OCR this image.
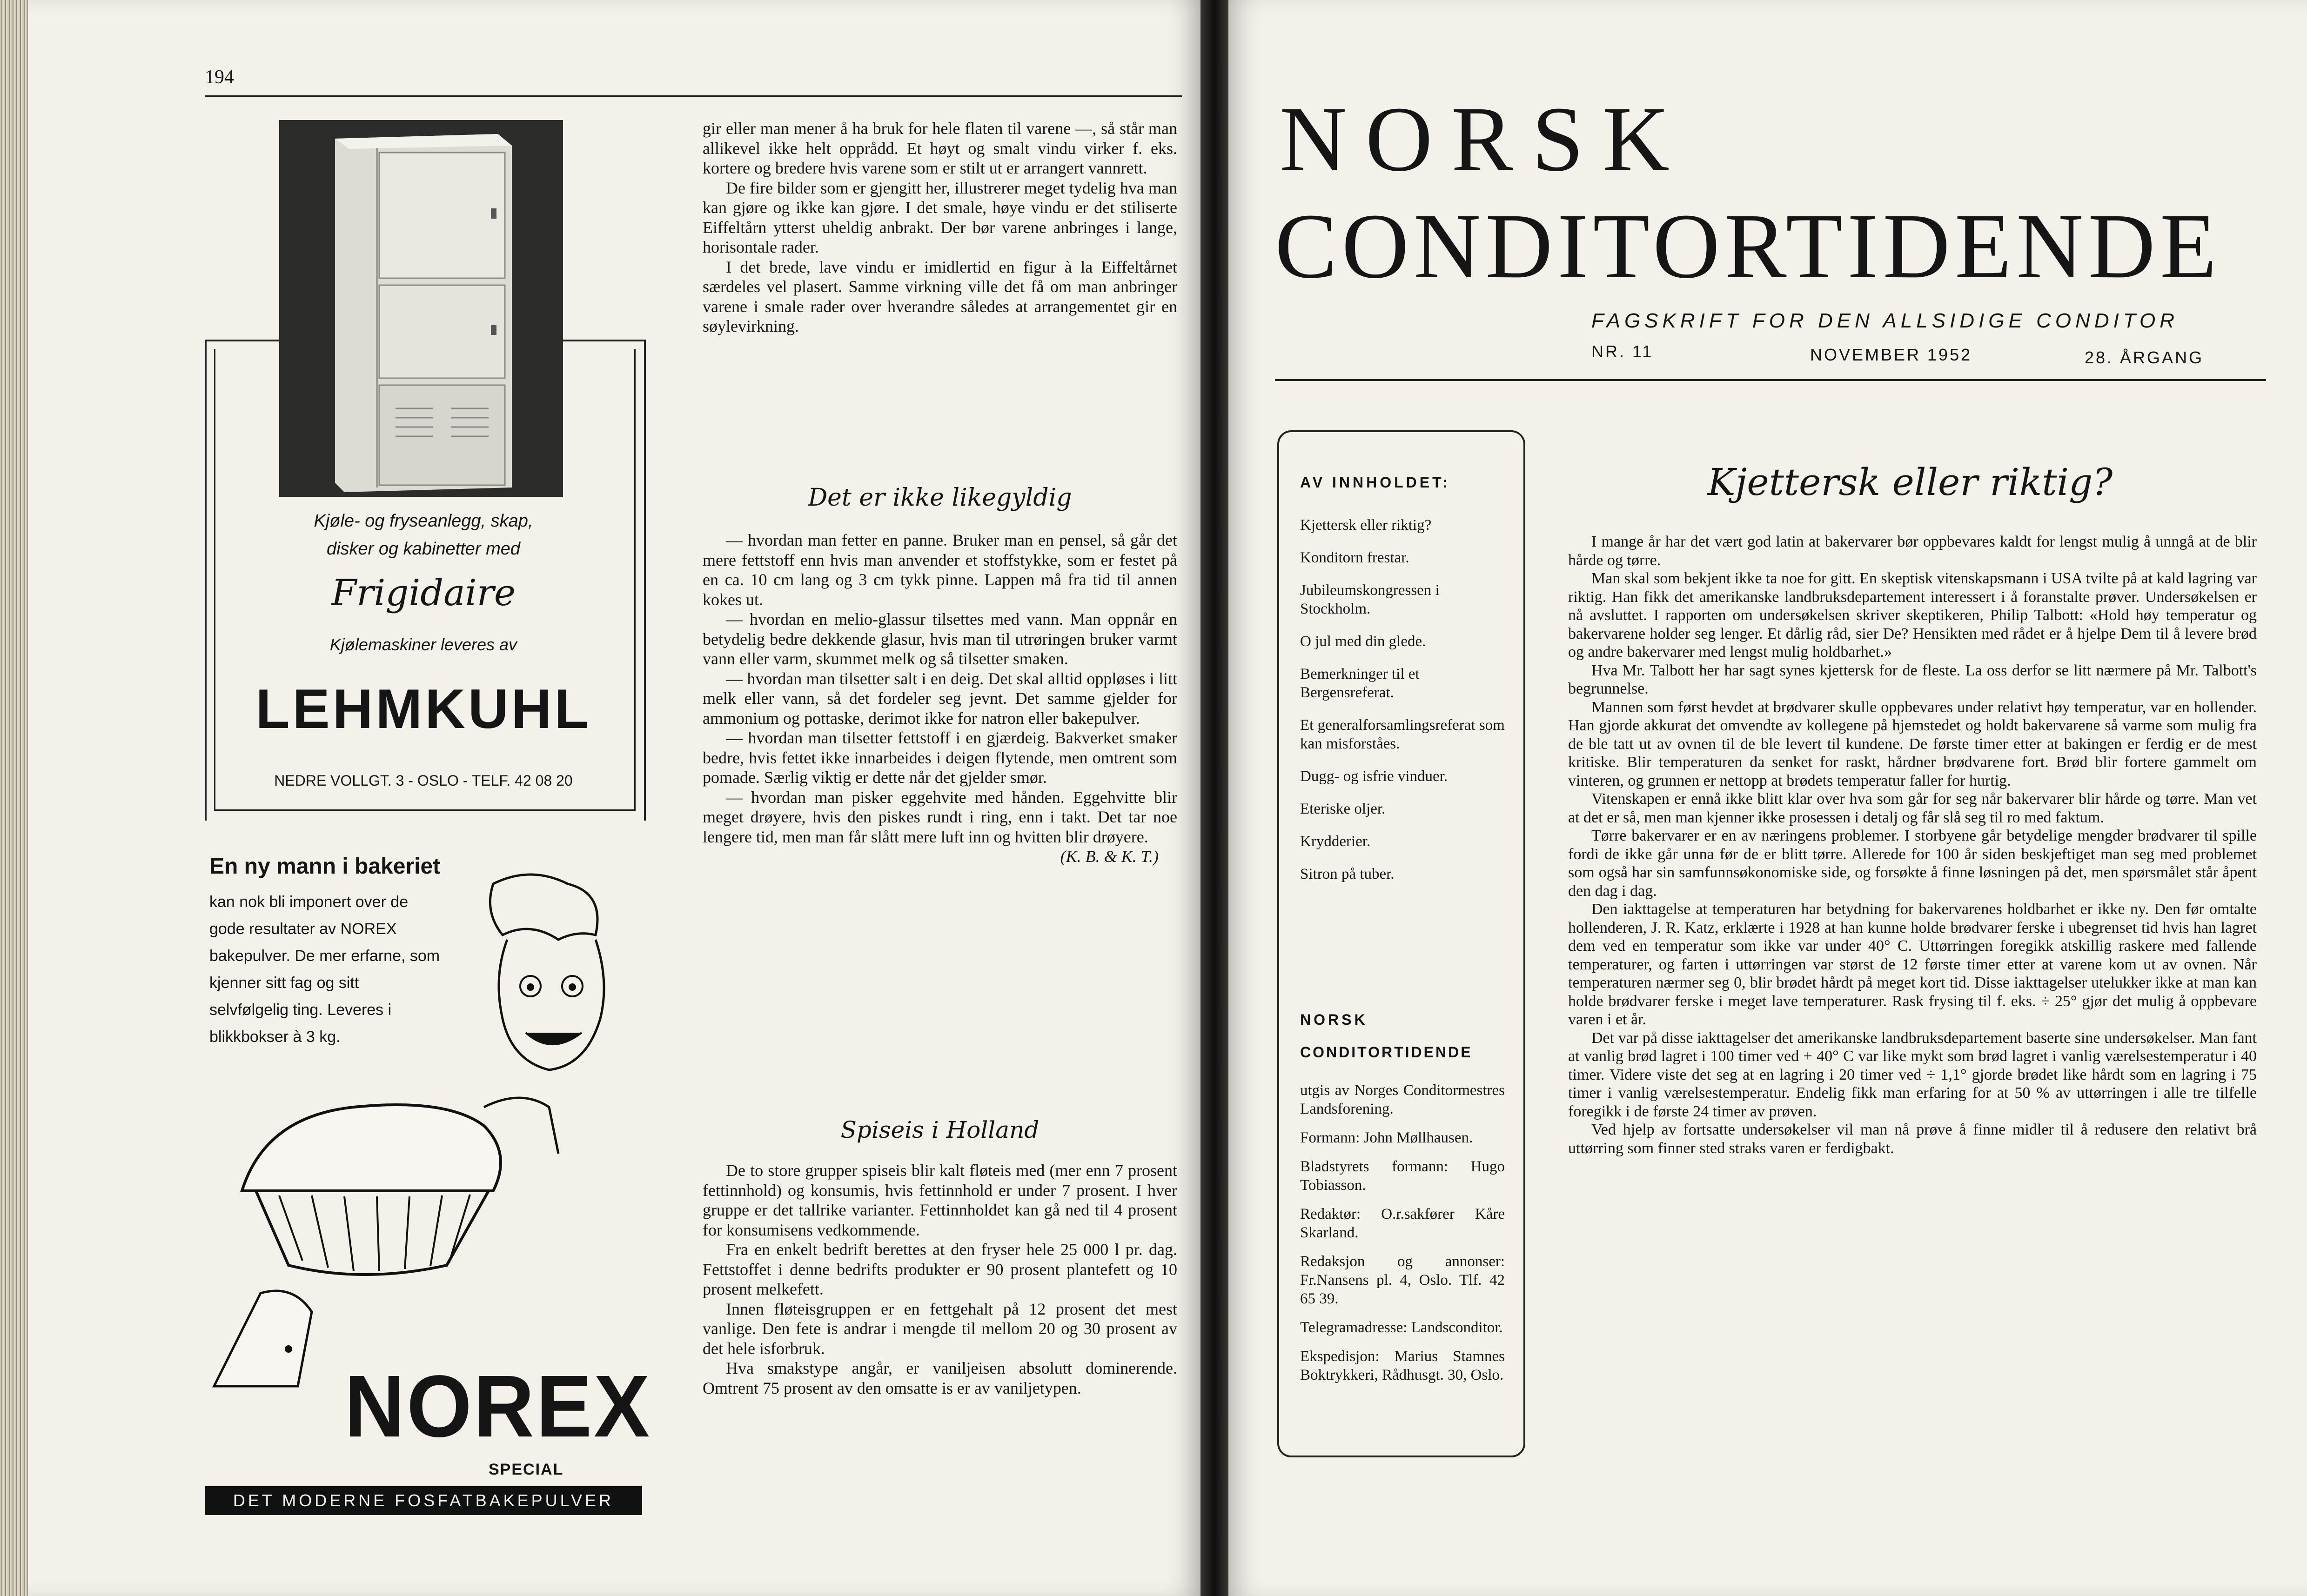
194
Kjøle- og fryseanlegg, skap,
disker og kabinetter med
Frigidaire
Kjølemaskiner leveres av
LEHMKUHL
NEDRE VOLLGT. 3 - OSLO - TELF. 42 08 20
En ny mann i bakeriet
kan nok bli imponert over de gode resultater av NOREX bakepulver. De mer erfarne, som kjenner sitt fag og sitt selvfølgelig ting. Leveres i blikkbokser à 3 kg.
NOREX
SPECIAL
DET MODERNE FOSFATBAKEPULVER

gir eller man mener å ha bruk for hele flaten til varene —, så står man allikevel ikke helt opprådd. Et høyt og smalt vindu virker f. eks. kortere og bredere hvis varene som er stilt ut er arrangert vannrett.

De fire bilder som er gjengitt her, illustrerer meget tydelig hva man kan gjøre og ikke kan gjøre. I det smale, høye vindu er det stiliserte Eiffeltårn ytterst uheldig anbrakt. Der bør varene anbringes i lange, horisontale rader.

I det brede, lave vindu er imidlertid en figur à la Eiffeltårnet særdeles vel plasert. Samme virkning ville det få om man anbringer varene i smale rader over hverandre således at arrangementet gir en søylevirkning.

Det er ikke likegyldig

— hvordan man fetter en panne. Bruker man en pensel, så går det mere fettstoff enn hvis man anvender et stoffstykke, som er festet på en ca. 10 cm lang og 3 cm tykk pinne. Lappen må fra tid til annen kokes ut.

— hvordan en melio-glassur tilsettes med vann. Man oppnår en betydelig bedre dekkende glasur, hvis man til utrøringen bruker varmt vann eller varm, skummet melk og så tilsetter smaken.

— hvordan man tilsetter salt i en deig. Det skal alltid oppløses i litt melk eller vann, så det fordeler seg jevnt. Det samme gjelder for ammonium og pottaske, derimot ikke for natron eller bakepulver.

— hvordan man tilsetter fettstoff i en gjærdeig. Bakverket smaker bedre, hvis fettet ikke innarbeides i deigen flytende, men omtrent som pomade. Særlig viktig er dette når det gjelder smør.

— hvordan man pisker eggehvite med hånden. Eggehvitte blir meget drøyere, hvis den piskes rundt i ring, enn i takt. Det tar noe lengere tid, men man får slått mere luft inn og hvitten blir drøyere.

(K. B. & K. T.)
Spiseis i Holland

De to store grupper spiseis blir kalt fløteis med (mer enn 7 prosent fettinnhold) og konsumis, hvis fettinnhold er under 7 prosent. I hver gruppe er det tallrike varianter. Fettinnholdet kan gå ned til 4 prosent for konsumisens vedkommende.

Fra en enkelt bedrift berettes at den fryser hele 25 000 l pr. dag. Fettstoffet i denne bedrifts produkter er 90 prosent plantefett og 10 prosent melkefett.

Innen fløteisgruppen er en fettgehalt på 12 prosent det mest vanlige. Den fete is andrar i mengde til mellom 20 og 30 prosent av det hele isforbruk.

Hva smakstype angår, er vaniljeisen absolutt dominerende. Omtrent 75 prosent av den omsatte is er av vaniljetypen.

NORSK
CONDITORTIDENDE
FAGSKRIFT FOR DEN ALLSIDIGE CONDITOR
NR. 11	NOVEMBER 1952	28. ÅRGANG
AV INNHOLDET:
Kjettersk eller riktig?
Konditorn frestar.
Jubileumskongressen i Stockholm.
O jul med din glede.
Bemerkninger til et Bergensreferat.
Et generalforsamlingsreferat som kan misforståes.
Dugg- og isfrie vinduer.
Eteriske oljer.
Krydderier.
Sitron på tuber.
NORSK
CONDITORTIDENDE
utgis av Norges Conditormestres Landsforening.
Formann: John Møllhausen.
Bladstyrets formann: Hugo Tobiasson.
Redaktør: O.r.sakfører Kåre Skarland.
Redaksjon og annonser: Fr.Nansens pl. 4, Oslo. Tlf. 42 65 39.
Telegramadresse: Landsconditor.
Ekspedisjon: Marius Stamnes Boktrykkeri, Rådhusgt. 30, Oslo.
Kjettersk eller riktig?

I mange år har det vært god latin at bakervarer bør oppbevares kaldt for lengst mulig å unngå at de blir hårde og tørre.

Man skal som bekjent ikke ta noe for gitt. En skeptisk vitenskapsmann i USA tvilte på at kald lagring var riktig. Han fikk det amerikanske landbruksdepartement interessert i å foranstalte prøver. Undersøkelsen er nå avsluttet. I rapporten om undersøkelsen skriver skeptikeren, Philip Talbott: «Hold høy temperatur og bakervarene holder seg lenger. Et dårlig råd, sier De? Hensikten med rådet er å hjelpe Dem til å levere brød og andre bakervarer med lengst mulig holdbarhet.»

Hva Mr. Talbott her har sagt synes kjettersk for de fleste. La oss derfor se litt nærmere på Mr. Talbott's begrunnelse.

Mannen som først hevdet at brødvarer skulle oppbevares under relativt høy temperatur, var en hollender. Han gjorde akkurat det omvendte av kollegene på hjemstedet og holdt bakervarene så varme som mulig fra de ble tatt ut av ovnen til de ble levert til kundene. De første timer etter at bakingen er ferdig er de mest kritiske. Blir temperaturen da senket for raskt, hårdner brødvarene fort. Brød blir fortere gammelt om vinteren, og grunnen er nettopp at brødets temperatur faller for hurtig.

Vitenskapen er ennå ikke blitt klar over hva som går for seg når bakervarer blir hårde og tørre. Man vet at det er så, men man kjenner ikke prosessen i detalj og får slå seg til ro med faktum.

Tørre bakervarer er en av næringens problemer. I storbyene går betydelige mengder brødvarer til spille fordi de ikke går unna før de er blitt tørre. Allerede for 100 år siden beskjeftiget man seg med problemet som også har sin samfunnsøkonomiske side, og forsøkte å finne løsningen på det, men spørsmålet står åpent den dag i dag.

Den iakttagelse at temperaturen har betydning for bakervarenes holdbarhet er ikke ny. Den før omtalte hollenderen, J. R. Katz, erklærte i 1928 at han kunne holde brødvarer ferske i ubegrenset tid hvis han lagret dem ved en temperatur som ikke var under 40° C. Uttørringen foregikk atskillig raskere med fallende temperaturer, og farten i uttørringen var størst de 12 første timer etter at varene kom ut av ovnen. Når temperaturen nærmer seg 0, blir brødet hårdt på meget kort tid. Disse iakttagelser utelukker ikke at man kan holde brødvarer ferske i meget lave temperaturer. Rask frysing til f. eks. ÷ 25° gjør det mulig å oppbevare varen i et år.

Det var på disse iakttagelser det amerikanske landbruksdepartement baserte sine undersøkelser. Man fant at vanlig brød lagret i 100 timer ved + 40° C var like mykt som brød lagret i vanlig værelsestemperatur i 40 timer. Videre viste det seg at en lagring i 20 timer ved ÷ 1,1° gjorde brødet like hårdt som en lagring i 75 timer i vanlig værelsestemperatur. Endelig fikk man erfaring for at 50 % av uttørringen i alle tre tilfelle foregikk i de første 24 timer av prøven.

Ved hjelp av fortsatte undersøkelser vil man nå prøve å finne midler til å redusere den relativt brå uttørring som finner sted straks varen er ferdigbakt.
